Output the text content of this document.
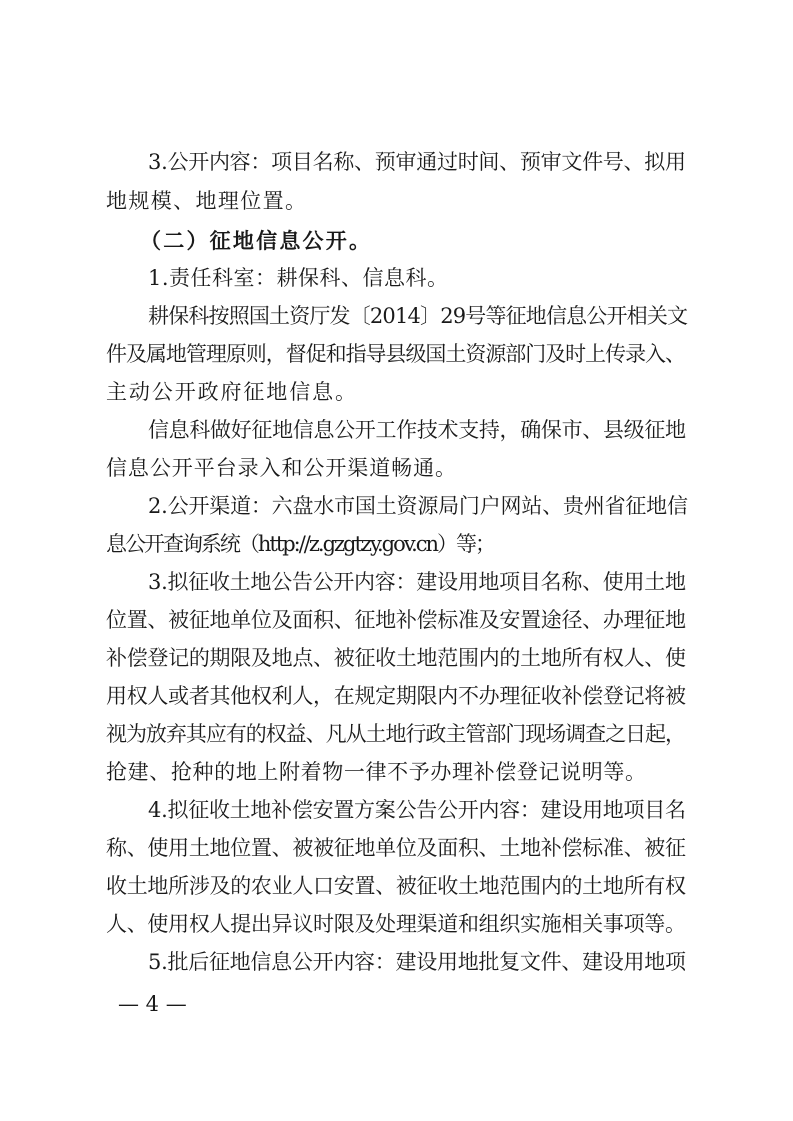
3.公开内容：项目名称、预审通过时间、预审文件号、拟用
地规模、地理位置。
（二）征地信息公开。
1.责任科室：耕保科、信息科。
耕保科按照国土资厅发〔2014〕29号等征地信息公开相关文
件及属地管理原则，督促和指导县级国土资源部门及时上传录入、
主动公开政府征地信息。
信息科做好征地信息公开工作技术支持，确保市、县级征地
信息公开平台录入和公开渠道畅通。
2.公开渠道：六盘水市国土资源局门户网站、贵州省征地信
息公开查询系统（http://z.gzgtzy.gov.cn）等；
3.拟征收土地公告公开内容：建设用地项目名称、使用土地
位置、被征地单位及面积、征地补偿标准及安置途径、办理征地
补偿登记的期限及地点、被征收土地范围内的土地所有权人、使
用权人或者其他权利人，在规定期限内不办理征收补偿登记将被
视为放弃其应有的权益、凡从土地行政主管部门现场调查之日起，
抢建、抢种的地上附着物一律不予办理补偿登记说明等。
4.拟征收土地补偿安置方案公告公开内容：建设用地项目名
称、使用土地位置、被被征地单位及面积、土地补偿标准、被征
收土地所涉及的农业人口安置、被征收土地范围内的土地所有权
人、使用权人提出异议时限及处理渠道和组织实施相关事项等。
5.批后征地信息公开内容：建设用地批复文件、建设用地项
— 4 —
